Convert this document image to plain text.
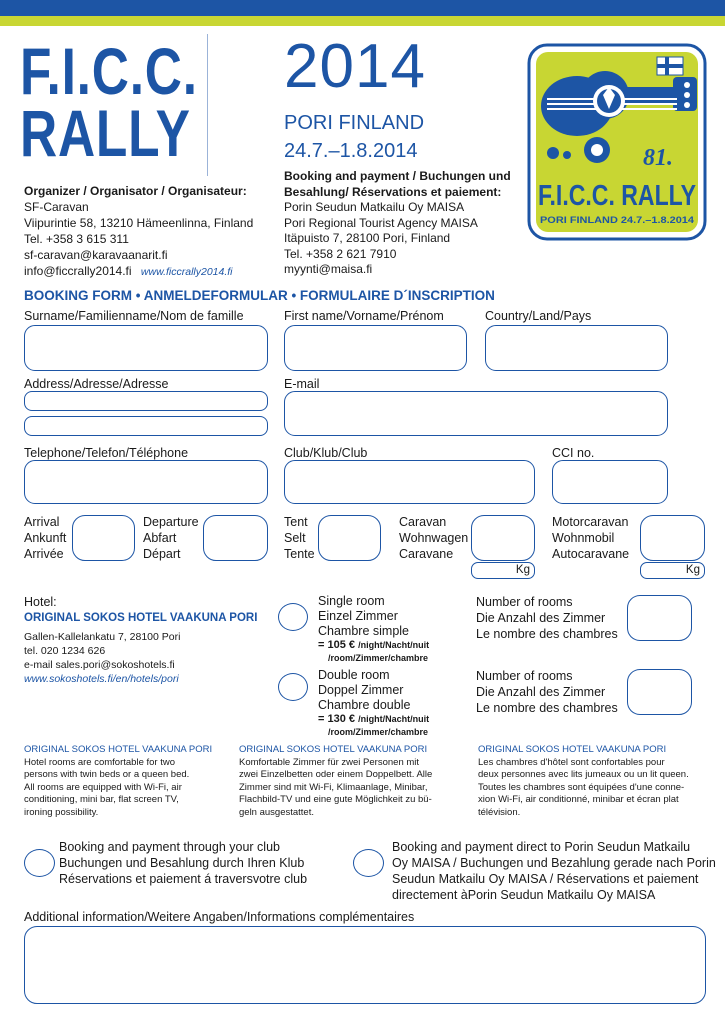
F.I.C.C.
RALLY
2014
PORI FINLAND
24.7.–1.8.2014	81.
F.I.C.C. RALLY
PORI FINLAND 24.7.–1.8.2014
Organizer / Organisator / Organisateur:
SF-Caravan
Viipurintie 58, 13210 Hämeenlinna, Finland
Tel. +358 3 615 311
sf-caravan@karavaanarit.fi
info@ficcrally2014.fi www.ficcrally2014.fi
Booking and payment / Buchungen und
Besahlung/ Réservations et paiement:
Porin Seudun Matkailu Oy MAISA
Pori Regional Tourist Agency MAISA
Itäpuisto 7, 28100 Pori, Finland
Tel. +358 2 621 7910
myynti@maisa.fi
BOOKING FORM • ANMELDEFORMULAR • FORMULAIRE D´INSCRIPTION
Surname/Familienname/Nom de famille	First name/Vorname/Prénom	Country/Land/Pays
Address/Adresse/Adresse	E-mail
Telephone/Telefon/Téléphone	Club/Klub/Club	CCI no.
Arrival
Ankunft
Arrivée
Departure
Abfart
Départ
Tent
Selt
Tente
Caravan
Wohnwagen
Caravane
Kg
Motorcaravan
Wohnmobil
Autocaravane
Kg
Hotel:
ORIGINAL SOKOS HOTEL VAAKUNA PORI
Gallen-Kallelankatu 7, 28100 Pori
tel. 020 1234 626
e-mail sales.pori@sokoshotels.fi
www.sokoshotels.fi/en/hotels/pori
Single room
Einzel Zimmer
Chambre simple
= 105 € /night/Nacht/nuit
/room/Zimmer/chambre
Number of rooms
Die Anzahl des Zimmer
Le nombre des chambres
Double room
Doppel Zimmer
Chambre double
= 130 € /night/Nacht/nuit
/room/Zimmer/chambre
Number of rooms
Die Anzahl des Zimmer
Le nombre des chambres
ORIGINAL SOKOS HOTEL VAAKUNA PORI
Hotel rooms are comfortable for two
persons with twin beds or a queen bed.
All rooms are equipped with Wi-Fi, air
conditioning, mini bar, flat screen TV,
ironing possibility.
ORIGINAL SOKOS HOTEL VAAKUNA PORI
Komfortable Zimmer für zwei Personen mit
zwei Einzelbetten oder einem Doppelbett. Alle
Zimmer sind mit Wi-Fi, Klimaanlage, Minibar,
Flachbild-TV und eine gute Möglichkeit zu bü-
geln ausgestattet.
ORIGINAL SOKOS HOTEL VAAKUNA PORI
Les chambres d'hôtel sont confortables pour
deux personnes avec lits jumeaux ou un lit queen.
Toutes les chambres sont équipées d'une conne-
xion Wi-Fi, air conditionné, minibar et écran plat
télévision.
Booking and payment through your club
Buchungen und Besahlung durch Ihren Klub
Réservations et paiement á traversvotre club
Booking and payment direct to Porin Seudun Matkailu
Oy MAISA / Buchungen und Bezahlung gerade nach Porin
Seudun Matkailu Oy MAISA / Réservations et paiement
directement àPorin Seudun Matkailu Oy MAISA
Additional information/Weitere Angaben/Informations complémentaires
